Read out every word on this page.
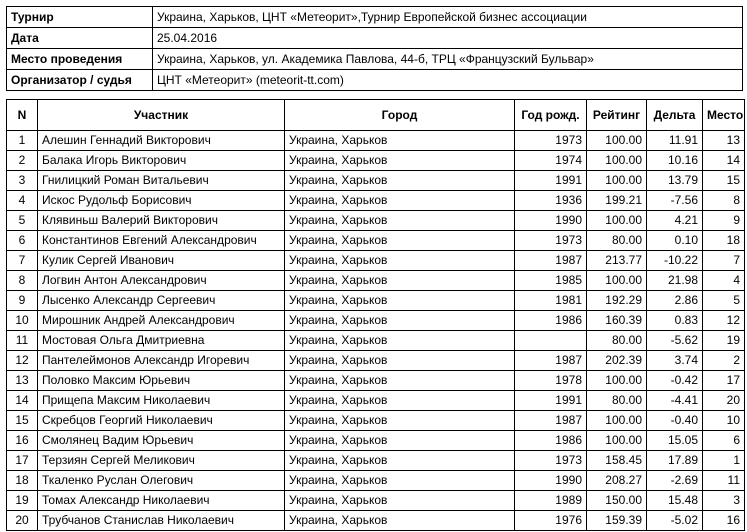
Турнир	Украина, Харьков, ЦНТ «Метеорит»,Турнир Европейской бизнес ассоциации
Дата	25.04.2016
Место проведения	Украина, Харьков, ул. Академика Павлова, 44-б, ТРЦ «Французский Бульвар»
Организатор / судья	ЦНТ «Метеорит» (meteorit-tt.com)
N	Участник	Город	Год рожд.	Рейтинг	Дельта	Место
1	Алешин Геннадий Викторович	Украина, Харьков	1973	100.00	11.91	13
2	Балака Игорь Викторович	Украина, Харьков	1974	100.00	10.16	14
3	Гнилицкий Роман Витальевич	Украина, Харьков	1991	100.00	13.79	15
4	Искос Рудольф Борисович	Украина, Харьков	1936	199.21	-7.56	8
5	Клявиньш Валерий Викторович	Украина, Харьков	1990	100.00	4.21	9
6	Константинов Евгений Александрович	Украина, Харьков	1973	80.00	0.10	18
7	Кулик Сергей Иванович	Украина, Харьков	1987	213.77	-10.22	7
8	Логвин Антон Александрович	Украина, Харьков	1985	100.00	21.98	4
9	Лысенко Александр Сергеевич	Украина, Харьков	1981	192.29	2.86	5
10	Мирошник Андрей Александрович	Украина, Харьков	1986	160.39	0.83	12
11	Мостовая Ольга Дмитриевна	Украина, Харьков		80.00	-5.62	19
12	Пантелеймонов Александр Игоревич	Украина, Харьков	1987	202.39	3.74	2
13	Половко Максим Юрьевич	Украина, Харьков	1978	100.00	-0.42	17
14	Прищепа Максим Николаевич	Украина, Харьков	1991	80.00	-4.41	20
15	Скребцов Георгий Николаевич	Украина, Харьков	1987	100.00	-0.40	10
16	Смолянец Вадим Юрьевич	Украина, Харьков	1986	100.00	15.05	6
17	Терзиян Сергей Меликович	Украина, Харьков	1973	158.45	17.89	1
18	Ткаленко Руслан Олегович	Украина, Харьков	1990	208.27	-2.69	11
19	Томах Александр Николаевич	Украина, Харьков	1989	150.00	15.48	3
20	Трубчанов Станислав Николаевич	Украина, Харьков	1976	159.39	-5.02	16
